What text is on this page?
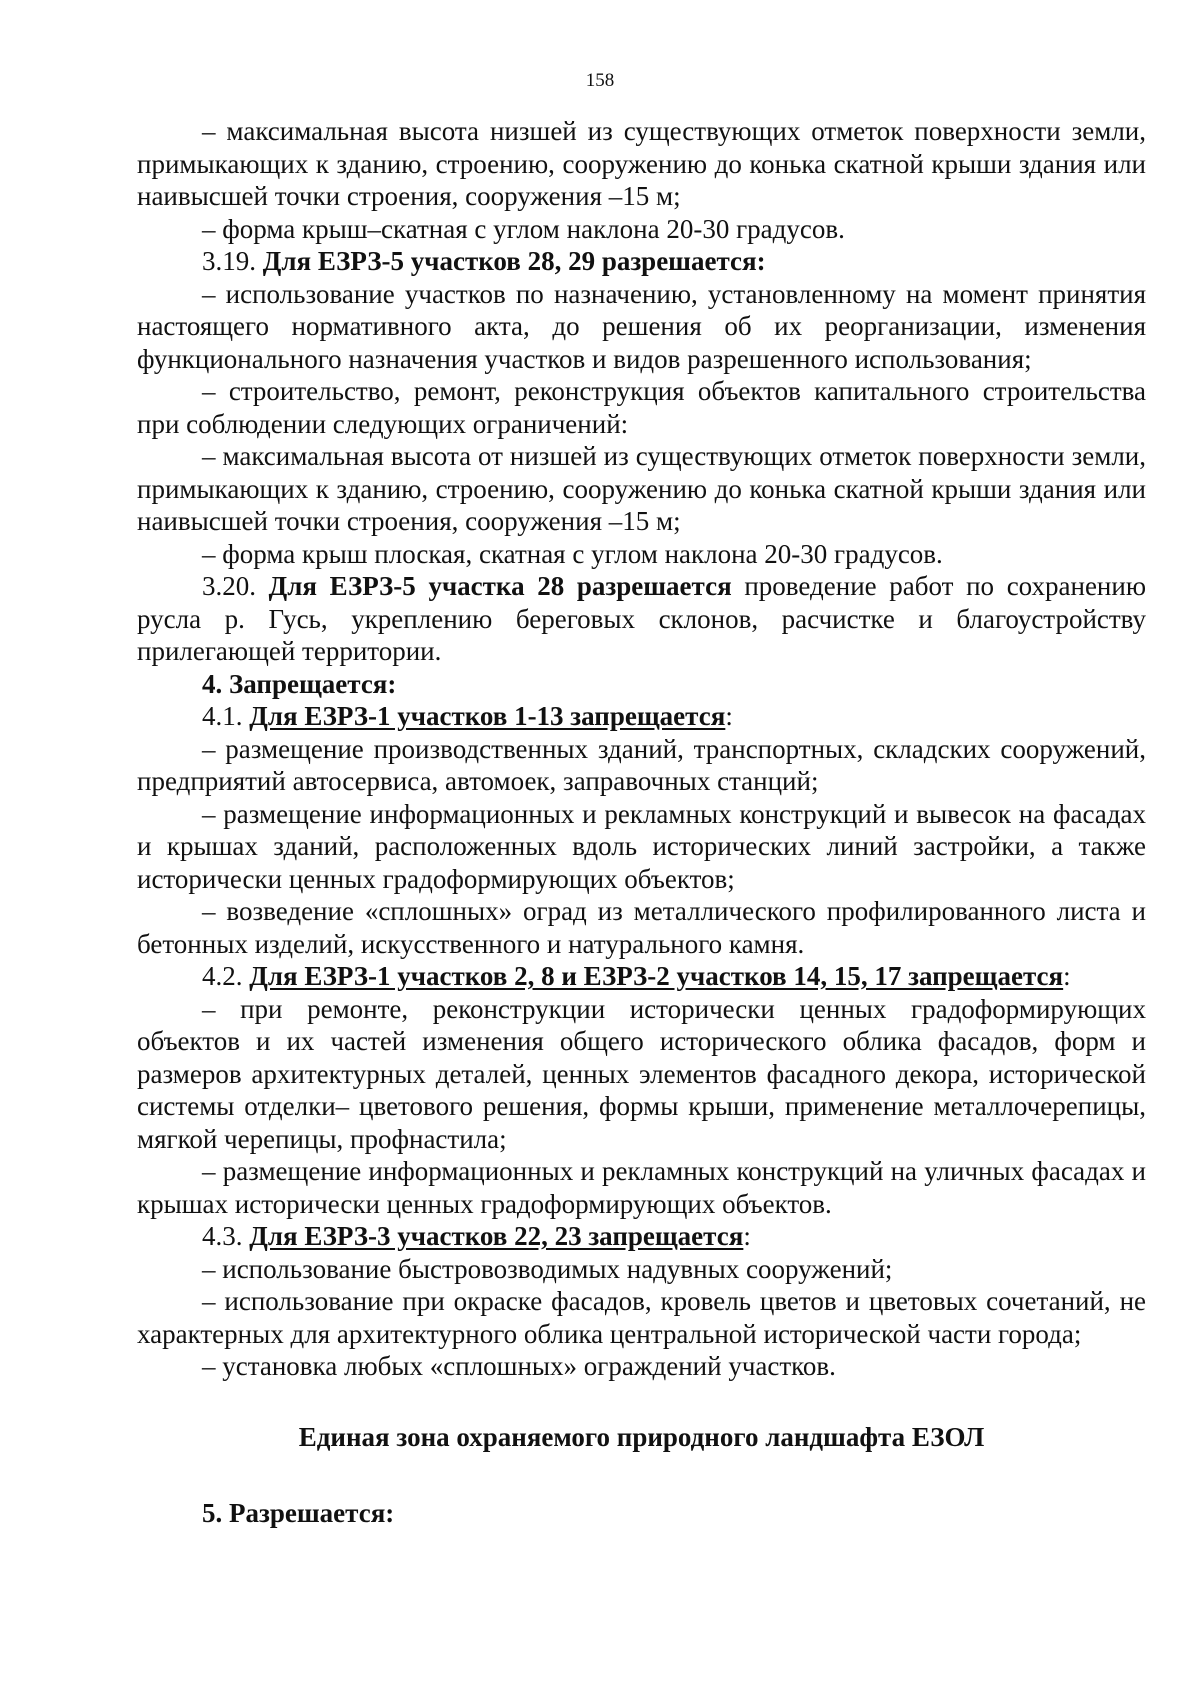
158

– максимальная высота низшей из существующих отметок поверхности земли, примыкающих к зданию, строению, сооружению до конька скатной крыши здания или наивысшей точки строения, сооружения –15 м;

– форма крыш–скатная с углом наклона 20-30 градусов.

3.19. Для ЕЗРЗ-5 участков 28, 29 разрешается:

– использование участков по назначению, установленному на момент принятия настоящего нормативного акта, до решения об их реорганизации, изменения функционального назначения участков и видов разрешенного использования;

– строительство, ремонт, реконструкция объектов капитального строительства при соблюдении следующих ограничений:

– максимальная высота от низшей из существующих отметок поверхности земли, примыкающих к зданию, строению, сооружению до конька скатной крыши здания или наивысшей точки строения, сооружения –15 м;

– форма крыш плоская, скатная с углом наклона 20-30 градусов.

3.20. Для ЕЗРЗ-5 участка 28 разрешается проведение работ по сохранению русла р. Гусь, укреплению береговых склонов, расчистке и благоустройству прилегающей территории.

4. Запрещается:

4.1. Для ЕЗРЗ-1 участков 1-13 запрещается:

– размещение производственных зданий, транспортных, складских сооружений, предприятий автосервиса, автомоек, заправочных станций;

– размещение информационных и рекламных конструкций и вывесок на фасадах и крышах зданий, расположенных вдоль исторических линий застройки, а также исторически ценных градоформирующих объектов;

– возведение «сплошных» оград из металлического профилированного листа и бетонных изделий, искусственного и натурального камня.

4.2. Для ЕЗРЗ-1 участков 2, 8 и ЕЗРЗ-2 участков 14, 15, 17 запрещается:

– при ремонте, реконструкции исторически ценных градоформирующих объектов и их частей изменения общего исторического облика фасадов, форм и размеров архитектурных деталей, ценных элементов фасадного декора, исторической системы отделки– цветового решения, формы крыши, применение металлочерепицы, мягкой черепицы, профнастила;

– размещение информационных и рекламных конструкций на уличных фасадах и крышах исторически ценных градоформирующих объектов.

4.3. Для ЕЗРЗ-3 участков 22, 23 запрещается:

– использование быстровозводимых надувных сооружений;

– использование при окраске фасадов, кровель цветов и цветовых сочетаний, не характерных для архитектурного облика центральной исторической части города;

– установка любых «сплошных» ограждений участков.

Единая зона охраняемого природного ландшафта ЕЗОЛ

5. Разрешается:
